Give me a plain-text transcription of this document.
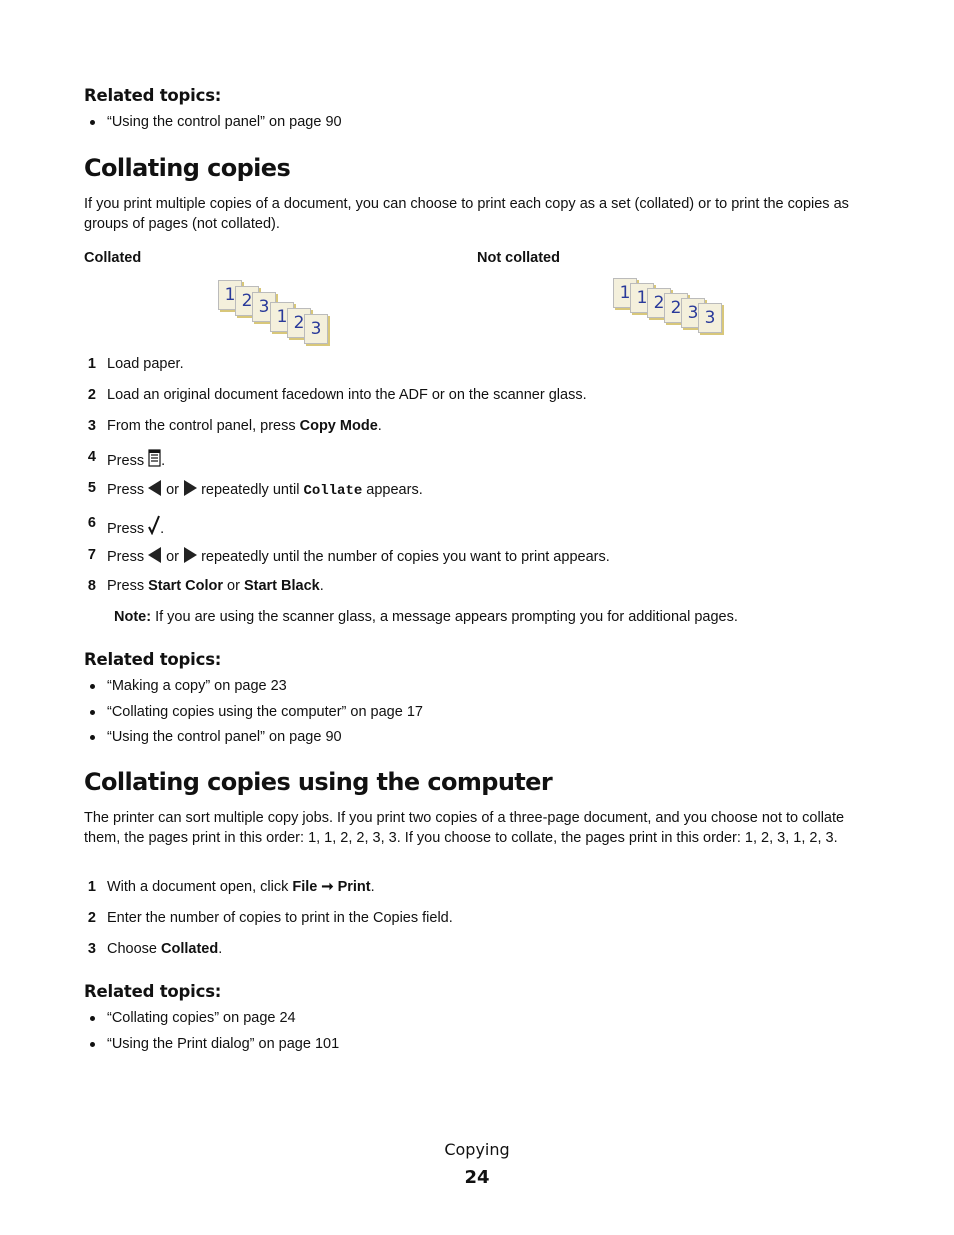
Related topics:
“Using the control panel” on page 90
Collating copies
If you print multiple copies of a document, you can choose to print each copy as a set (collated) or to print the copies as groups of pages (not collated).
Collated	Not collated
1 2 3 1 2 3
1 1 2 2 3 3
1 Load paper.
2 Load an original document facedown into the ADF or on the scanner glass.
3 From the control panel, press Copy Mode.
4 Press .
5 Press  or  repeatedly until Collate appears.
6 Press .
7 Press  or  repeatedly until the number of copies you want to print appears.
8 Press Start Color or Start Black.
Note: If you are using the scanner glass, a message appears prompting you for additional pages.
Related topics:
“Making a copy” on page 23
“Collating copies using the computer” on page 17
“Using the control panel” on page 90
Collating copies using the computer
The printer can sort multiple copy jobs. If you print two copies of a three-page document, and you choose not to collate them, the pages print in this order: 1, 1, 2, 2, 3, 3. If you choose to collate, the pages print in this order: 1, 2, 3, 1, 2, 3.
1 With a document open, click File ➞ Print.
2 Enter the number of copies to print in the Copies field.
3 Choose Collated.
Related topics:
“Collating copies” on page 24
“Using the Print dialog” on page 101
Copying
24
